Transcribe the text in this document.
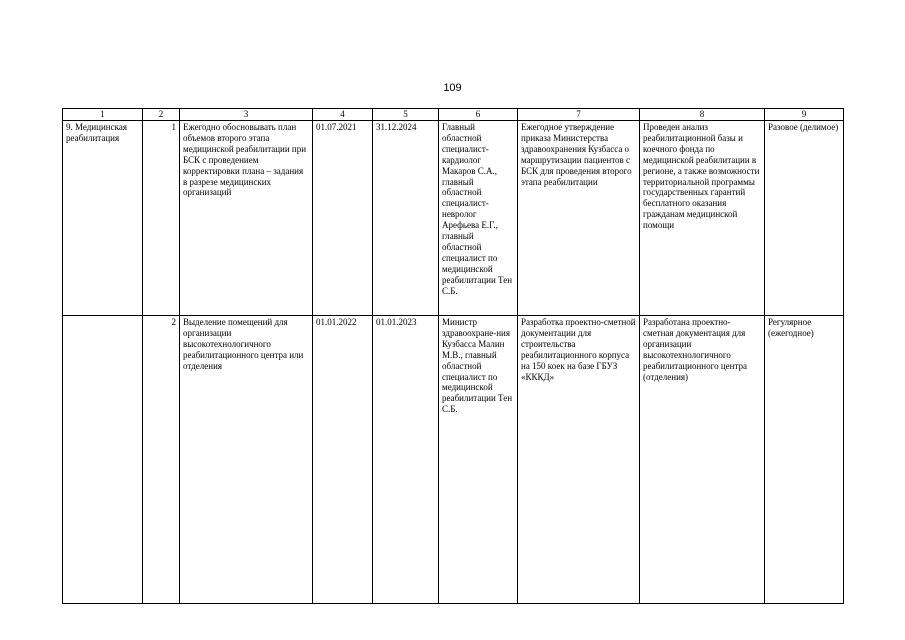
109
1	2	3	4	5	6	7	8	9
9. Медицинская реабилитация	1	Ежегодно обосновывать план объемов второго этапа медицинской реабилитации при БСК с проведением корректировки плана – задания в разрезе медицинских организаций	01.07.2021	31.12.2024	Главный областной специалист-кардиолог Макаров С.А., главный областной специалист-невролог Арефьева Е.Г., главный областной специалист по медицинской реабилитации Тен С.Б.	Ежегодное утверждение приказа Министерства здравоохранения Кузбасса о маршрутизации пациентов с БСК для проведения второго этапа реабилитации	Проведен анализ реабилитационной базы и коечного фонда по медицинской реабилитации в регионе, а также возможности территориальной программы государственных гарантий бесплатного оказания гражданам медицинской помощи	Разовое (делимое)
	2	Выделение помещений для организации высокотехнологичного реабилитационного центра или отделения	01.01.2022	01.01.2023	Министр здравоохране-ния Кузбасса Малин М.В., главный областной специалист по медицинской реабилитации Тен С.Б.	Разработка проектно-сметной документации для строительства реабилитационного корпуса на 150 коек на базе ГБУЗ «КККД»	Разработана проектно-сметная документация для организации высокотехнологичного реабилитационного центра (отделения)	Регулярное (ежегодное)
